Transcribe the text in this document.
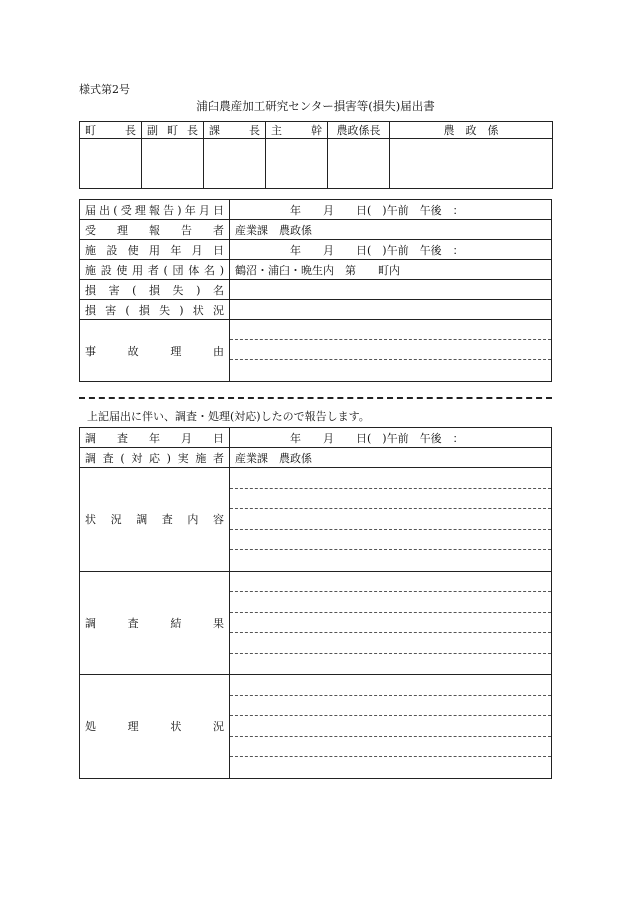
様式第2号
浦臼農産加工研究センター損害等(損失)届出書
町　　長	副 町 長	課　　長	主　　幹	農政係長	農　政　係

届出(受理報告)年月日	年　　月　　日(　)午前　午後　：
受理報告者	産業課　農政係
施設使用年月日	年　　月　　日(　)午前　午後　：
施設使用者(団体名)	鶴沼・浦臼・晩生内　第　　町内
損害(損失)名	
損害(損失)状況	
事故理由	
上記届出に伴い、調査・処理(対応)したので報告します。
調査年月日	年　　月　　日(　)午前　午後　：
調査(対応)実施者	産業課　農政係
状況調査内容	

調査結果	

処理状況	
